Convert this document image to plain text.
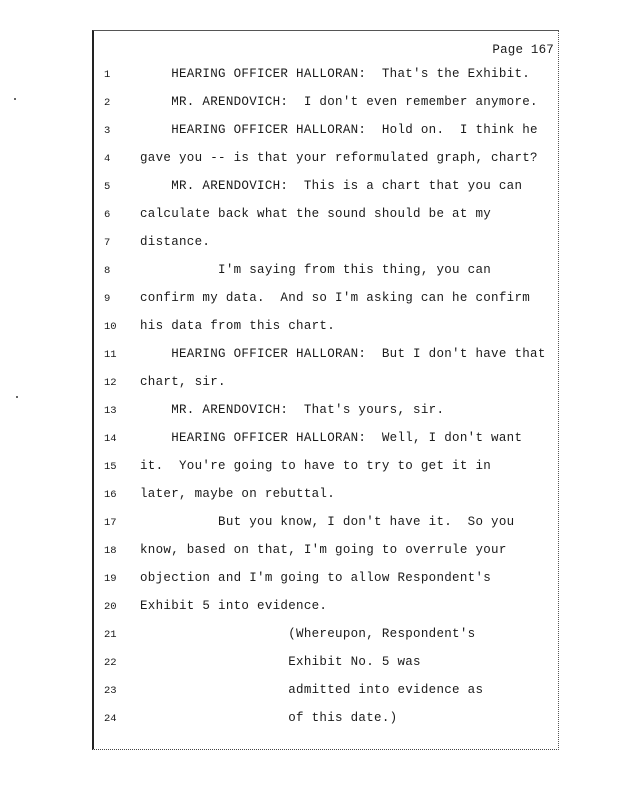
Page 167
1	HEARING OFFICER HALLORAN:  That's the Exhibit.
2	MR. ARENDOVICH:  I don't even remember anymore.
3	HEARING OFFICER HALLORAN:  Hold on.  I think he
4	gave you -- is that your reformulated graph, chart?
5	MR. ARENDOVICH:  This is a chart that you can
6	calculate back what the sound should be at my
7	distance.
8	I'm saying from this thing, you can
9	confirm my data.  And so I'm asking can he confirm
10	his data from this chart.
11	HEARING OFFICER HALLORAN:  But I don't have that
12	chart, sir.
13	MR. ARENDOVICH:  That's yours, sir.
14	HEARING OFFICER HALLORAN:  Well, I don't want
15	it.  You're going to have to try to get it in
16	later, maybe on rebuttal.
17	But you know, I don't have it.  So you
18	know, based on that, I'm going to overrule your
19	objection and I'm going to allow Respondent's
20	Exhibit 5 into evidence.
21	(Whereupon, Respondent's
22	Exhibit No. 5 was
23	admitted into evidence as
24	of this date.)
